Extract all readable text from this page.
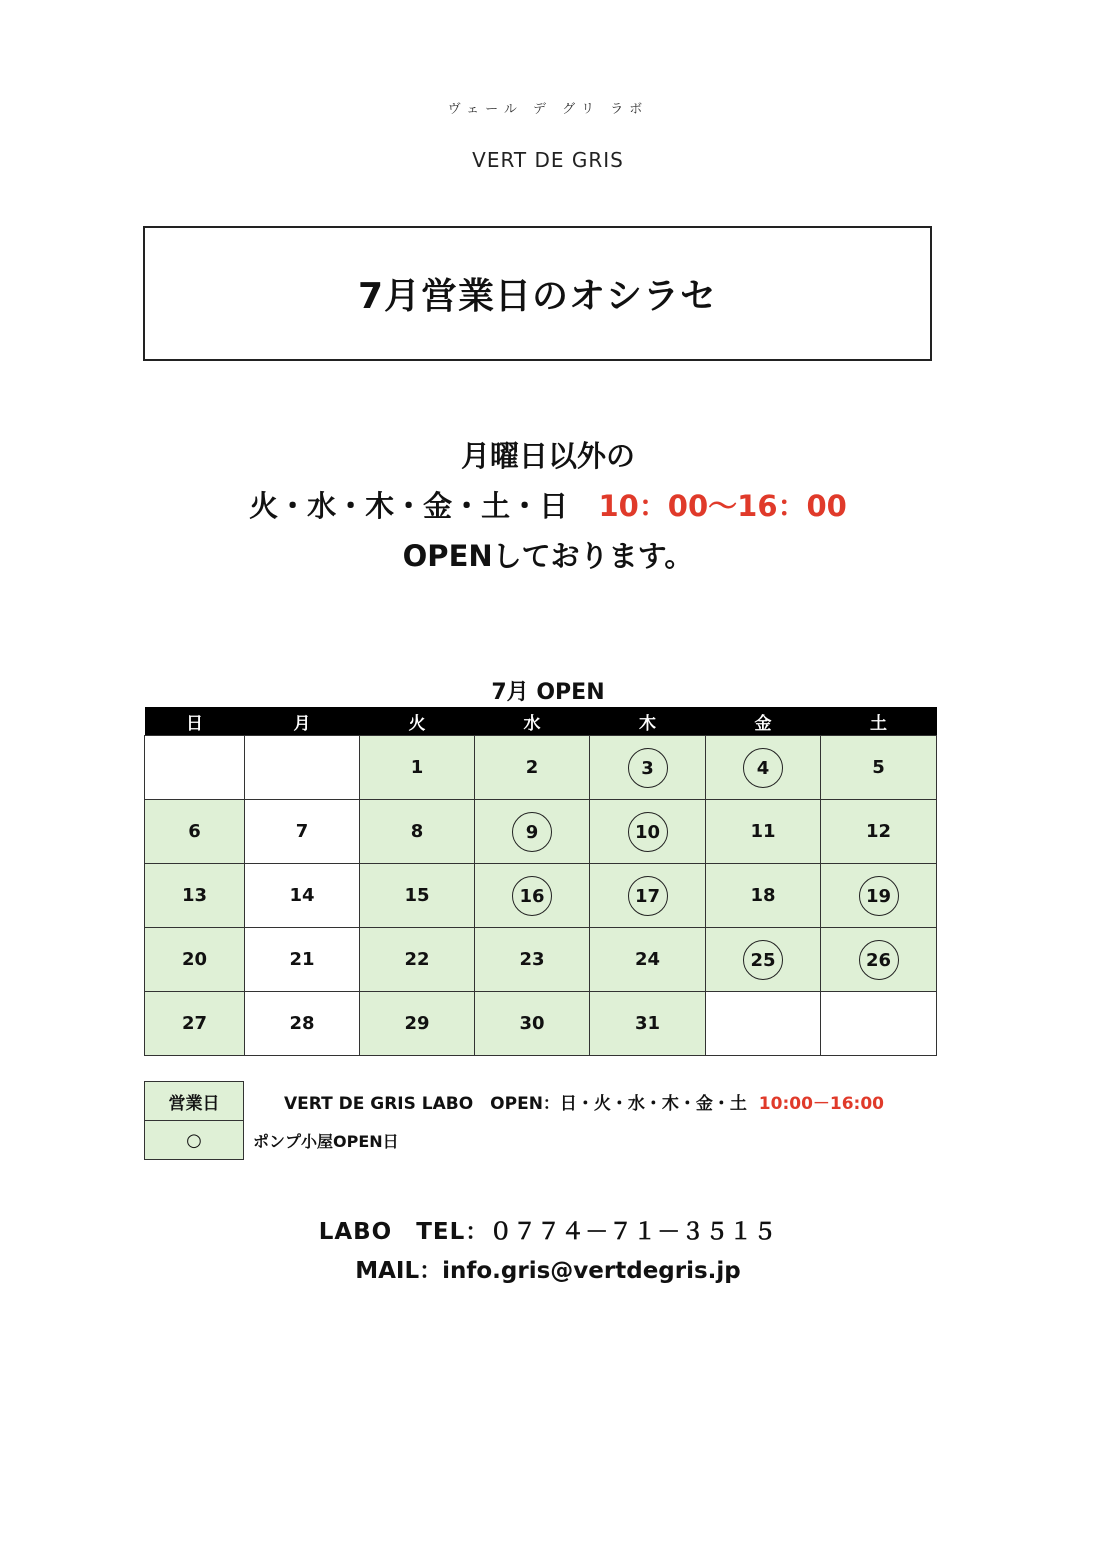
ヴェール デ グリ ラボ
VERT DE GRIS
7月営業日のオシラセ
月曜日以外の
火・水・木・金・土・日 10：00～16：00
OPENしております。
7月 OPEN
日	月	火	水	木	金	土
		1	2	3	4	5
6	7	8	9	10	11	12
13	14	15	16	17	18	19
20	21	22	23	24	25	26
27	28	29	30	31		
営業日	VERT DE GRIS LABO　OPEN：日・火・水・木・金・土 10:00－16:00
○	ポンプ小屋OPEN日
LABO　TEL：０７７４－７１－３５１５
MAIL：info.gris@vertdegris.jp
